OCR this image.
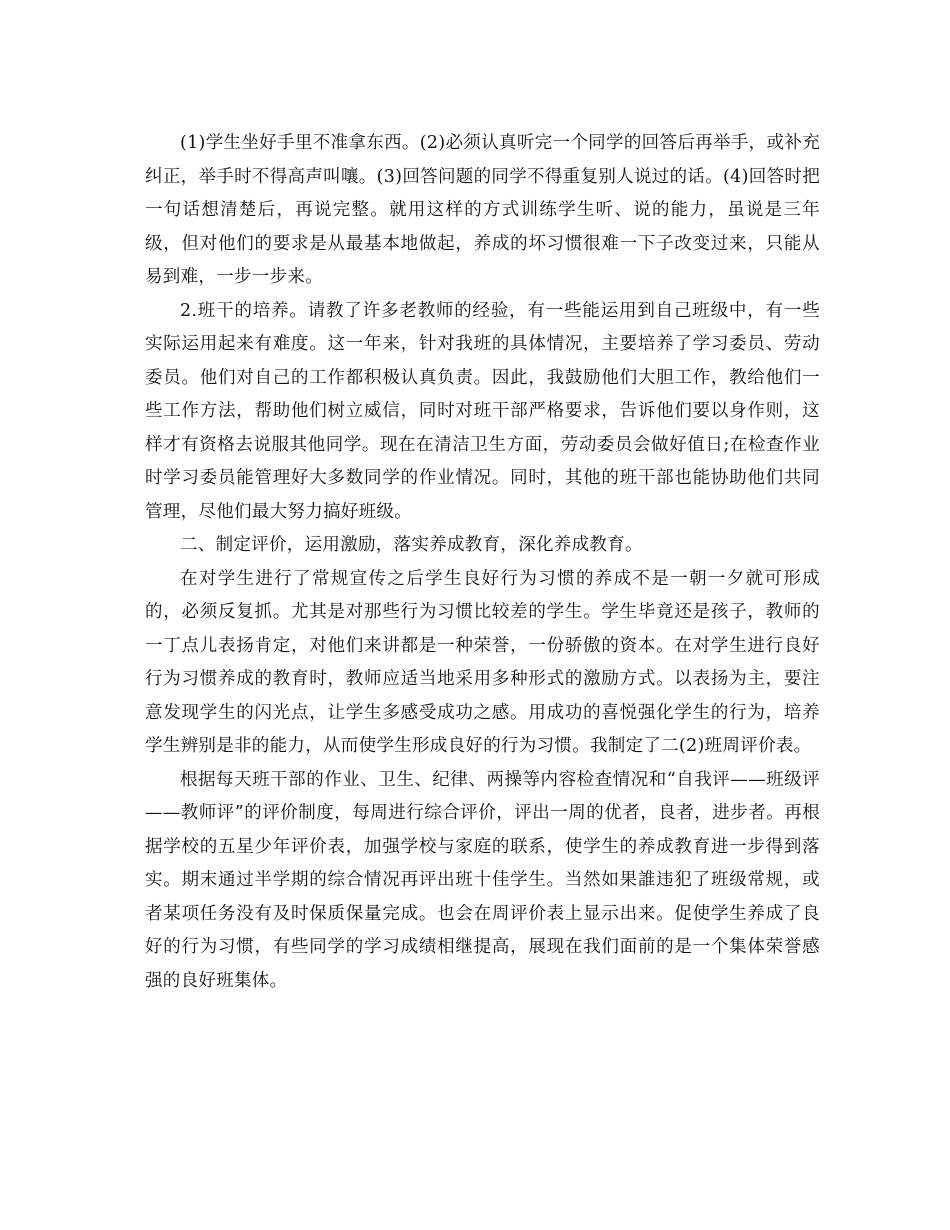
(1)学生坐好手里不准拿东西。(2)必须认真听完一个同学的回答后再举手，或补充纠正，举手时不得高声叫嚷。(3)回答问题的同学不得重复别人说过的话。(4)回答时把一句话想清楚后，再说完整。就用这样的方式训练学生听、说的能力，虽说是三年级，但对他们的要求是从最基本地做起，养成的坏习惯很难一下子改变过来，只能从易到难，一步一步来。

2.班干的培养。请教了许多老教师的经验，有一些能运用到自己班级中，有一些实际运用起来有难度。这一年来，针对我班的具体情况，主要培养了学习委员、劳动委员。他们对自己的工作都积极认真负责。因此，我鼓励他们大胆工作，教给他们一些工作方法，帮助他们树立威信，同时对班干部严格要求，告诉他们要以身作则，这样才有资格去说服其他同学。现在在清洁卫生方面，劳动委员会做好值日;在检查作业时学习委员能管理好大多数同学的作业情况。同时，其他的班干部也能协助他们共同管理，尽他们最大努力搞好班级。

二、制定评价，运用激励，落实养成教育，深化养成教育。

在对学生进行了常规宣传之后学生良好行为习惯的养成不是一朝一夕就可形成的，必须反复抓。尤其是对那些行为习惯比较差的学生。学生毕竟还是孩子，教师的一丁点儿表扬肯定，对他们来讲都是一种荣誉，一份骄傲的资本。在对学生进行良好行为习惯养成的教育时，教师应适当地采用多种形式的激励方式。以表扬为主，要注意发现学生的闪光点，让学生多感受成功之感。用成功的喜悦强化学生的行为，培养学生辨别是非的能力，从而使学生形成良好的行为习惯。我制定了二(2)班周评价表。

根据每天班干部的作业、卫生、纪律、两操等内容检查情况和“自我评——班级评——教师评”的评价制度，每周进行综合评价，评出一周的优者，良者，进步者。再根据学校的五星少年评价表，加强学校与家庭的联系，使学生的养成教育进一步得到落实。期末通过半学期的综合情况再评出班十佳学生。当然如果誰违犯了班级常规，或者某项任务没有及时保质保量完成。也会在周评价表上显示出来。促使学生养成了良好的行为习惯，有些同学的学习成绩相继提高，展现在我们面前的是一个集体荣誉感强的良好班集体。
